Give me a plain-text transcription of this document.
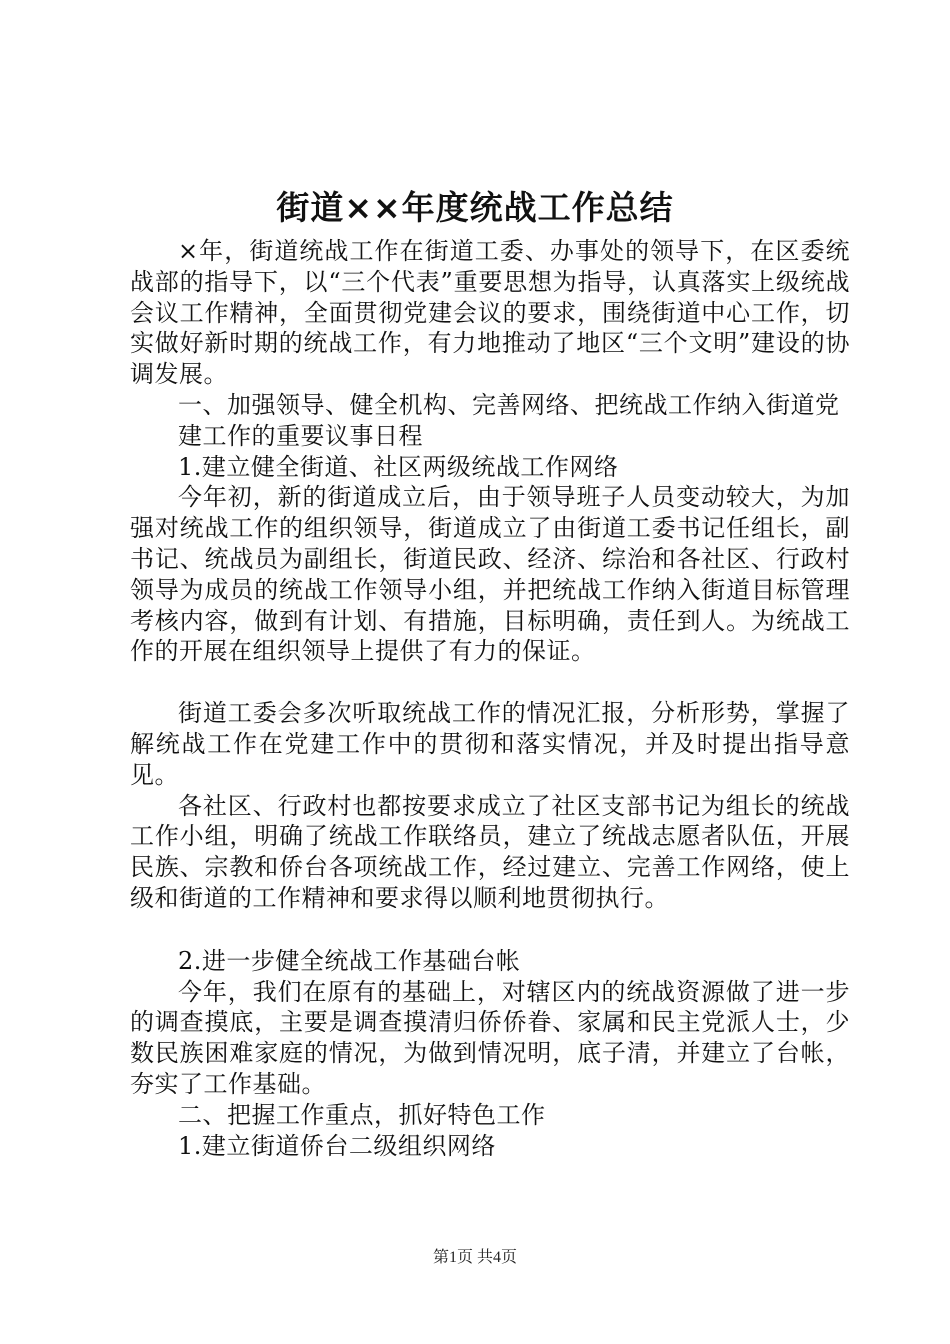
街道××年度统战工作总结

×年，街道统战工作在街道工委、办事处的领导下，在区委统战部的指导下，以“三个代表”重要思想为指导，认真落实上级统战会议工作精神，全面贯彻党建会议的要求，围绕街道中心工作，切实做好新时期的统战工作，有力地推动了地区“三个文明”建设的协调发展。

一、加强领导、健全机构、完善网络、把统战工作纳入街道党

建工作的重要议事日程

1.建立健全街道、社区两级统战工作网络

今年初，新的街道成立后，由于领导班子人员变动较大，为加强对统战工作的组织领导，街道成立了由街道工委书记任组长，副书记、统战员为副组长，街道民政、经济、综治和各社区、行政村领导为成员的统战工作领导小组，并把统战工作纳入街道目标管理考核内容，做到有计划、有措施，目标明确，责任到人。为统战工作的开展在组织领导上提供了有力的保证。

街道工委会多次听取统战工作的情况汇报，分析形势，掌握了解统战工作在党建工作中的贯彻和落实情况，并及时提出指导意见。

各社区、行政村也都按要求成立了社区支部书记为组长的统战工作小组，明确了统战工作联络员，建立了统战志愿者队伍，开展民族、宗教和侨台各项统战工作，经过建立、完善工作网络，使上级和街道的工作精神和要求得以顺利地贯彻执行。

2.进一步健全统战工作基础台帐

今年，我们在原有的基础上，对辖区内的统战资源做了进一步的调查摸底，主要是调查摸清归侨侨眷、家属和民主党派人士，少数民族困难家庭的情况，为做到情况明，底子清，并建立了台帐，夯实了工作基础。

二、把握工作重点，抓好特色工作

1.建立街道侨台二级组织网络

第1页 共4页
